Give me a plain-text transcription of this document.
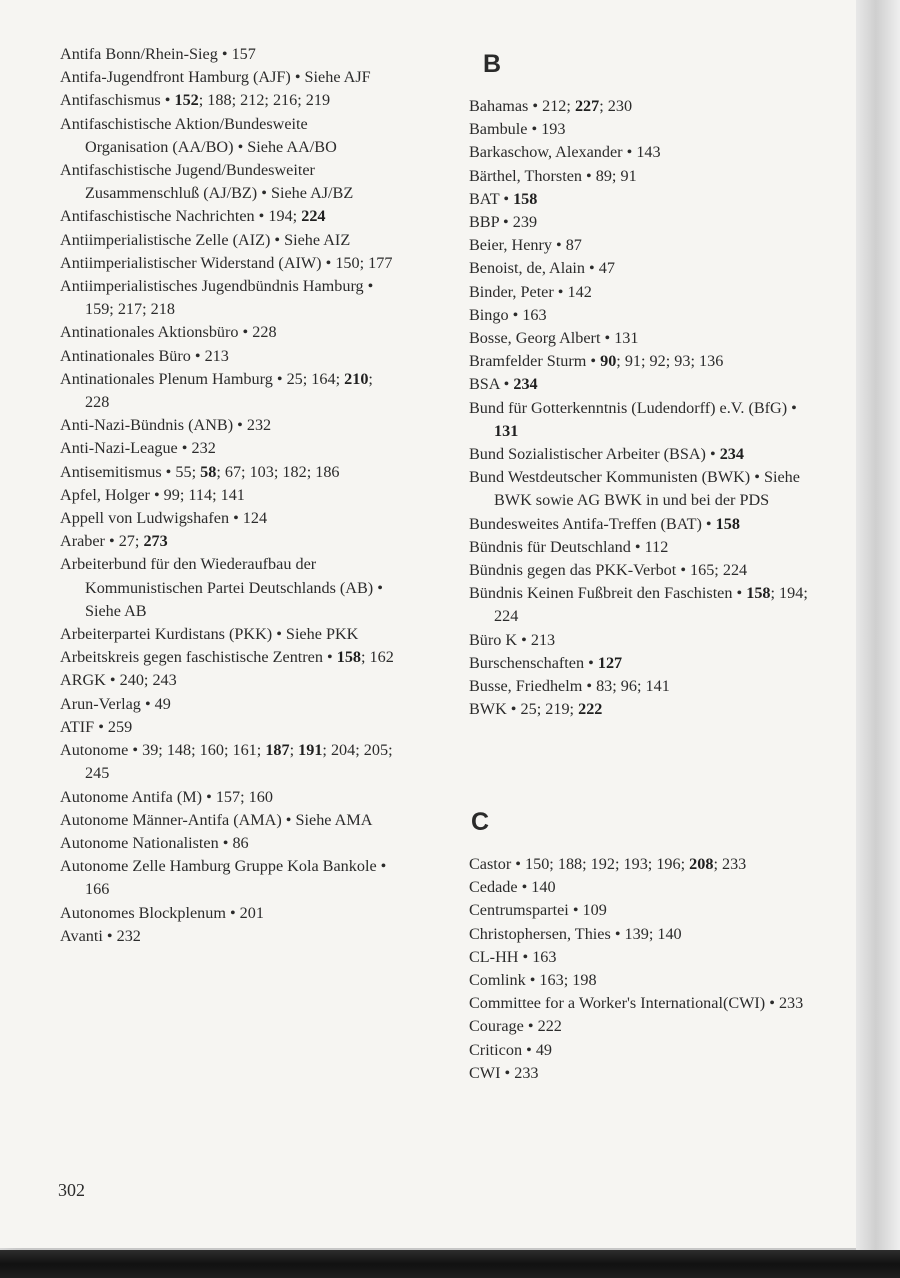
Antifa Bonn/Rhein-Sieg • 157

Antifa-Jugendfront Hamburg (AJF) • Siehe AJF

Antifaschismus • 152; 188; 212; 216; 219

Antifaschistische Aktion/Bundesweite Organisation (AA/BO) • Siehe AA/BO

Antifaschistische Jugend/Bundesweiter Zusammenschluß (AJ/BZ) • Siehe AJ/BZ

Antifaschistische Nachrichten • 194; 224

Antiimperialistische Zelle (AIZ) • Siehe AIZ

Antiimperialistischer Widerstand (AIW) • 150; 177

Antiimperialistisches Jugendbündnis Hamburg • 159; 217; 218

Antinationales Aktionsbüro • 228

Antinationales Büro • 213

Antinationales Plenum Hamburg • 25; 164; 210; 228

Anti-Nazi-Bündnis (ANB) • 232

Anti-Nazi-League • 232

Antisemitismus • 55; 58; 67; 103; 182; 186

Apfel, Holger • 99; 114; 141

Appell von Ludwigshafen • 124

Araber • 27; 273

Arbeiterbund für den Wiederaufbau der Kommunistischen Partei Deutschlands (AB) • Siehe AB

Arbeiterpartei Kurdistans (PKK) • Siehe PKK

Arbeitskreis gegen faschistische Zentren • 158; 162

ARGK • 240; 243

Arun-Verlag • 49

ATIF • 259

Autonome • 39; 148; 160; 161; 187; 191; 204; 205; 245

Autonome Antifa (M) • 157; 160

Autonome Männer-Antifa (AMA) • Siehe AMA

Autonome Nationalisten • 86

Autonome Zelle Hamburg Gruppe Kola Bankole • 166

Autonomes Blockplenum • 201

Avanti • 232

B

Bahamas • 212; 227; 230

Bambule • 193

Barkaschow, Alexander • 143

Bärthel, Thorsten • 89; 91

BAT • 158

BBP • 239

Beier, Henry • 87

Benoist, de, Alain • 47

Binder, Peter • 142

Bingo • 163

Bosse, Georg Albert • 131

Bramfelder Sturm • 90; 91; 92; 93; 136

BSA • 234

Bund für Gotterkenntnis (Ludendorff) e.V. (BfG) • 131

Bund Sozialistischer Arbeiter (BSA) • 234

Bund Westdeutscher Kommunisten (BWK) • Siehe BWK sowie AG BWK in und bei der PDS

Bundesweites Antifa-Treffen (BAT) • 158

Bündnis für Deutschland • 112

Bündnis gegen das PKK-Verbot • 165; 224

Bündnis Keinen Fußbreit den Faschisten • 158; 194; 224

Büro K • 213

Burschenschaften • 127

Busse, Friedhelm • 83; 96; 141

BWK • 25; 219; 222

C

Castor • 150; 188; 192; 193; 196; 208; 233

Cedade • 140

Centrumspartei • 109

Christophersen, Thies • 139; 140

CL-HH • 163

Comlink • 163; 198

Committee for a Worker's International(CWI) • 233

Courage • 222

Criticon • 49

CWI • 233

302
